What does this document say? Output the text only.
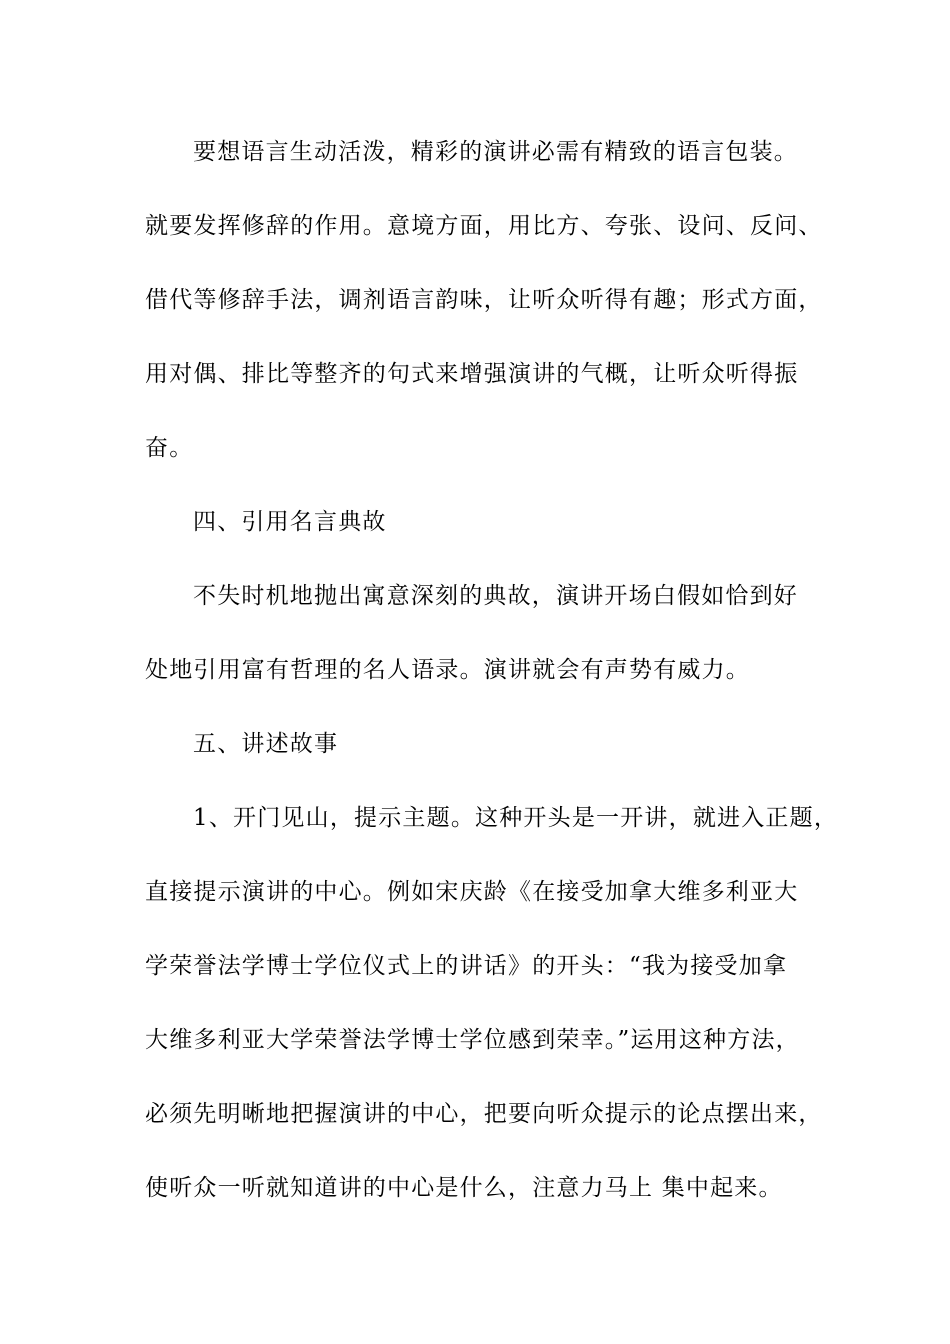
要想语言生动活泼，精彩的演讲必需有精致的语言包装。
就要发挥修辞的作用。意境方面，用比方、夸张、设问、反问、
借代等修辞手法，调剂语言韵味，让听众听得有趣；形式方面，
用对偶、排比等整齐的句式来增强演讲的气概，让听众听得振
奋。
四、引用名言典故
不失时机地抛出寓意深刻的典故，演讲开场白假如恰到好
处地引用富有哲理的名人语录。演讲就会有声势有威力。
五、讲述故事
1、开门见山，提示主题。这种开头是一开讲，就进入正题，
直接提示演讲的中心。例如宋庆龄《在接受加拿大维多利亚大
学荣誉法学博士学位仪式上的讲话》的开头：“我为接受加拿
大维多利亚大学荣誉法学博士学位感到荣幸。”运用这种方法，
必须先明晰地把握演讲的中心，把要向听众提示的论点摆出来，
使听众一听就知道讲的中心是什么，注意力马上 集中起来。
